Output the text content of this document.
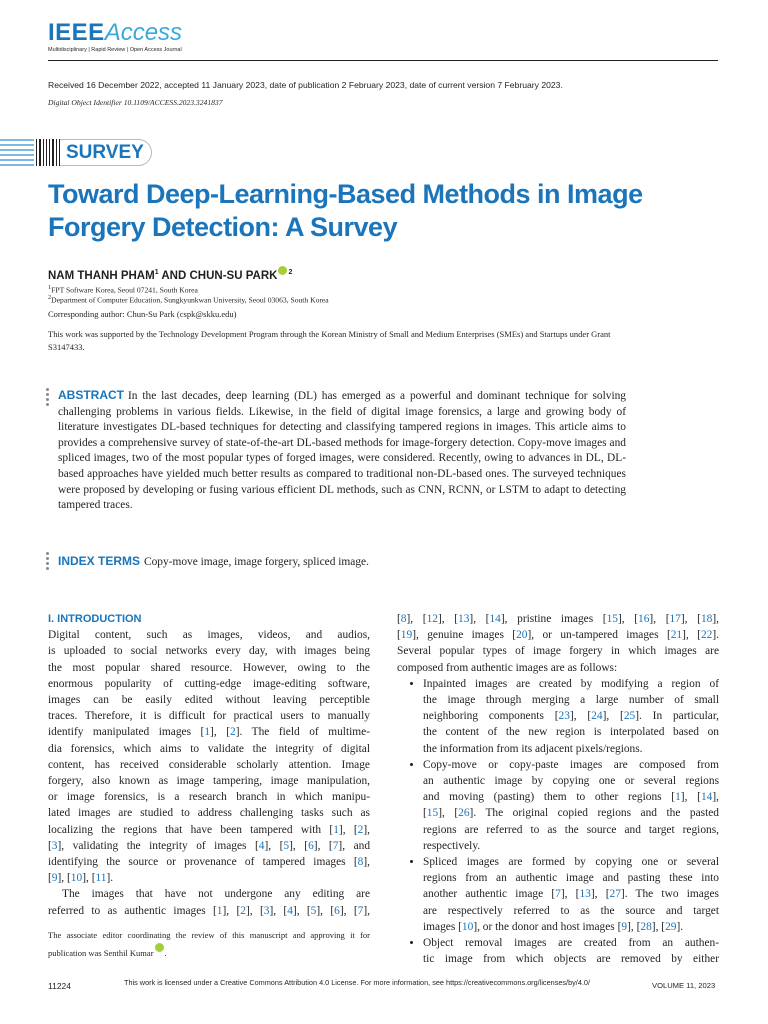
IEEEAccess
Multidisciplinary | Rapid Review | Open Access Journal
Received 16 December 2022, accepted 11 January 2023, date of publication 2 February 2023, date of current version 7 February 2023.
Digital Object Identifier 10.1109/ACCESS.2023.3241837
SURVEY
Toward Deep-Learning-Based Methods in Image
Forgery Detection: A Survey
NAM THANH PHAM$^1$ AND CHUN-SU PARK $^2$
$^1$FPT Software Korea, Seoul 07241, South Korea
$^2$Department of Computer Education, Sungkyunkwan University, Seoul 03063, South Korea
Corresponding author: Chun-Su Park (cspk@skku.edu)
This work was supported by the Technology Development Program through the Korean Ministry of Small and Medium Enterprises (SMEs) and Startups under Grant S3147433.
ABSTRACT In the last decades, deep learning (DL) has emerged as a powerful and dominant technique for solving challenging problems in various fields. Likewise, in the field of digital image forensics, a large and growing body of literature investigates DL-based techniques for detecting and classifying tampered regions in images. This article aims to provides a comprehensive survey of state-of-the-art DL-based methods for image-forgery detection. Copy-move images and spliced images, two of the most popular types of forged images, were considered. Recently, owing to advances in DL, DL-based approaches have yielded much better results as compared to traditional non-DL-based ones. The surveyed techniques were proposed by developing or fusing various efficient DL methods, such as CNN, RCNN, or LSTM to adapt to detecting tampered traces.
INDEX TERMS Copy-move image, image forgery, spliced image.
I. INTRODUCTION
Digital content, such as images, videos, and audios,
is uploaded to social networks every day, with images being
the most popular shared resource. However, owing to the
enormous popularity of cutting-edge image-editing software,
images can be easily edited without leaving perceptible
traces. Therefore, it is difficult for practical users to manually
identify manipulated images [1], [2]. The field of multime-
dia forensics, which aims to validate the integrity of digital
content, has received considerable scholarly attention. Image
forgery, also known as image tampering, image manipulation,
or image forensics, is a research branch in which manipu-
lated images are studied to address challenging tasks such as
localizing the regions that have been tampered with [1], [2],
[3], validating the integrity of images [4], [5], [6], [7], and
identifying the source or provenance of tampered images [8],
[9], [10], [11].
The images that have not undergone any editing are
referred to as authentic images [1], [2], [3], [4], [5], [6], [7],
The associate editor coordinating the review of this manuscript and approving it for publication was Senthil Kumar .
[8], [12], [13], [14], pristine images [15], [16], [17], [18],
[19], genuine images [20], or un-tampered images [21], [22].
Several popular types of image forgery in which images are
composed from authentic images are as follows:
• Inpainted images are created by modifying a region of
the image through merging a large number of small
neighboring components [23], [24], [25]. In particular,
the content of the new region is interpolated based on
the information from its adjacent pixels/regions.
• Copy-move or copy-paste images are composed from
an authentic image by copying one or several regions
and moving (pasting) them to other regions [1], [14],
[15], [26]. The original copied regions and the pasted
regions are referred to as the source and target regions,
respectively.
• Spliced images are formed by copying one or several
regions from an authentic image and pasting these into
another authentic image [7], [13], [27]. The two images
are respectively referred to as the source and target
images [10], or the donor and host images [9], [28], [29].
• Object removal images are created from an authen-
tic image from which objects are removed by either
11224	This work is licensed under a Creative Commons Attribution 4.0 License. For more information, see https://creativecommons.org/licenses/by/4.0/	VOLUME 11, 2023
